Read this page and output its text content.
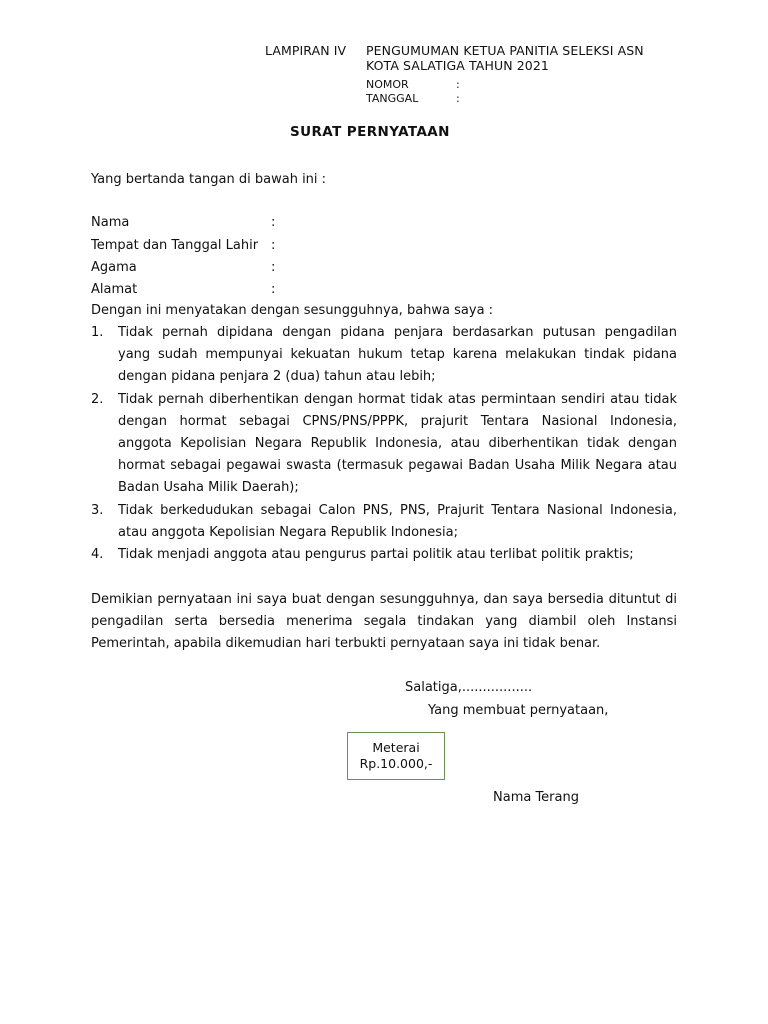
LAMPIRAN IV PENGUMUMAN KETUA PANITIA SELEKSI ASN
KOTA SALATIGA TAHUN 2021
NOMOR	:
TANGGAL	:
SURAT PERNYATAAN
Yang bertanda tangan di bawah ini :
Nama	:
Tempat dan Tanggal Lahir :
Agama	:
Alamat	:
Dengan ini menyatakan dengan sesungguhnya, bahwa saya :
1. Tidak pernah dipidana dengan pidana penjara berdasarkan putusan pengadilan
yang sudah mempunyai kekuatan hukum tetap karena melakukan tindak pidana
dengan pidana penjara 2 (dua) tahun atau lebih;
2. Tidak pernah diberhentikan dengan hormat tidak atas permintaan sendiri atau tidak
dengan hormat sebagai CPNS/PNS/PPPK, prajurit Tentara Nasional Indonesia,
anggota Kepolisian Negara Republik Indonesia, atau diberhentikan tidak dengan
hormat sebagai pegawai swasta (termasuk pegawai Badan Usaha Milik Negara atau
Badan Usaha Milik Daerah);
3. Tidak berkedudukan sebagai Calon PNS, PNS, Prajurit Tentara Nasional Indonesia,
atau anggota Kepolisian Negara Republik Indonesia;
4. Tidak menjadi anggota atau pengurus partai politik atau terlibat politik praktis;
Demikian pernyataan ini saya buat dengan sesungguhnya, dan saya bersedia dituntut di
pengadilan serta bersedia menerima segala tindakan yang diambil oleh Instansi
Pemerintah, apabila dikemudian hari terbukti pernyataan saya ini tidak benar.
Salatiga,.................
Yang membuat pernyataan,
Meterai
Rp.10.000,-
Nama Terang
